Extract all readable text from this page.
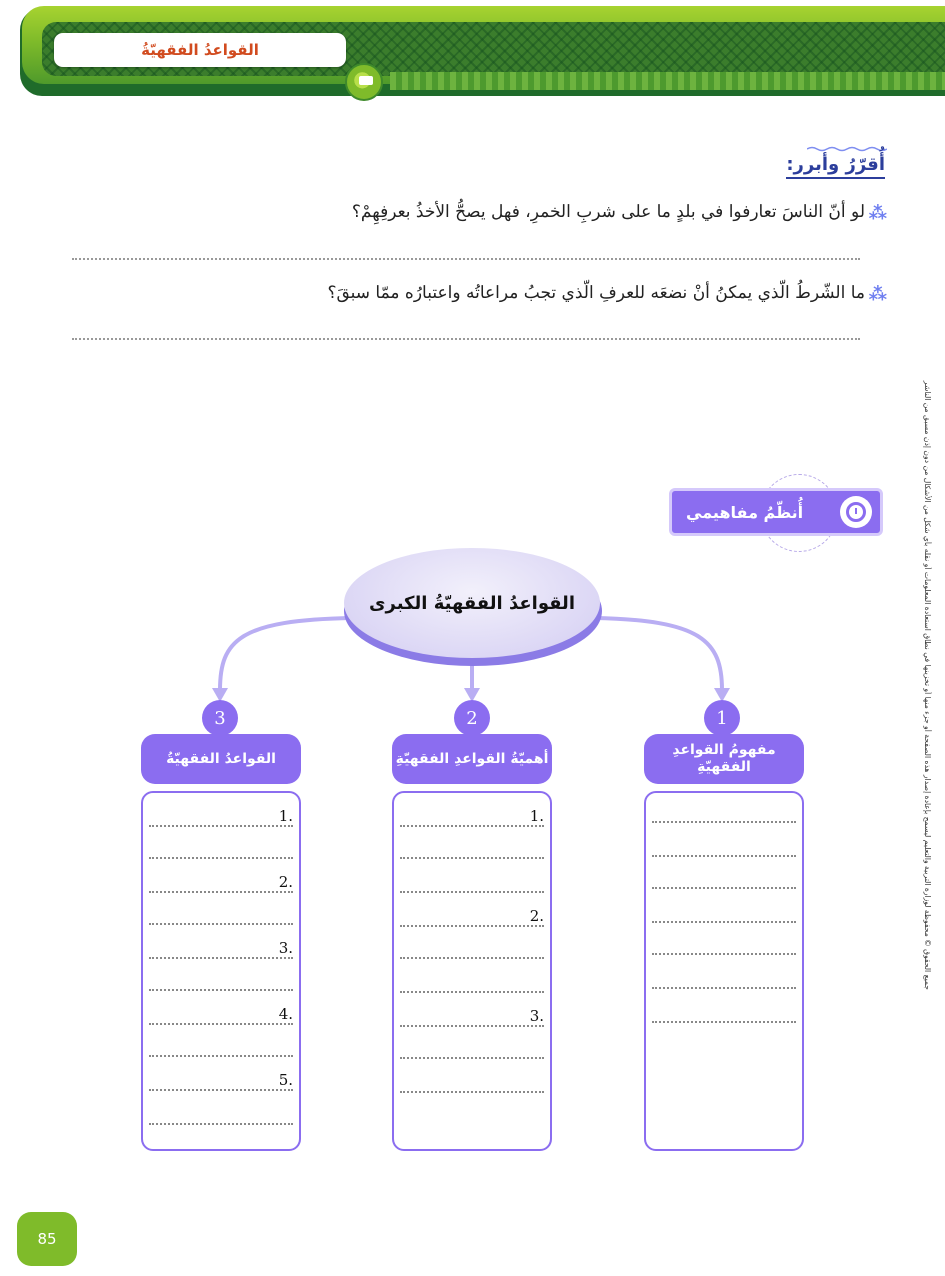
القواعدُ الفقهيّةُ
أُقرّرُ وأبرر:
⁂
لو أنّ الناسَ تعارفوا في بلدٍ ما على شربِ الخمرِ، فهل يصحُّ الأخذُ بعرفِهِمْ؟
⁂
ما الشّرطُ الّذي يمكنُ أنْ نضعَه للعرفِ الّذي تجبُ مراعاتُه واعتبارُه ممّا سبقَ؟
جميع الحقوق © محفوظة لوزارة التربية والتعليم ليسمح بإعادة إصدار هذه الصفحة أو جزء منها أو تخزينها في نطاق استعادة المعلومات أو نقله بأي شكل من الأشكال من دون إذن مسبق من الناشر
أُنظّمُ مفاهيمي
القواعدُ الفقهيّةُ الكبرى
3
القواعدُ الفقهيّةُ
1.
2.
3.
4.
5.
2
أهميّةُ القواعدِ الفقهيّةِ
1.
2.
3.
1
مفهومُ القواعدِ الفقهيّةِ
85
